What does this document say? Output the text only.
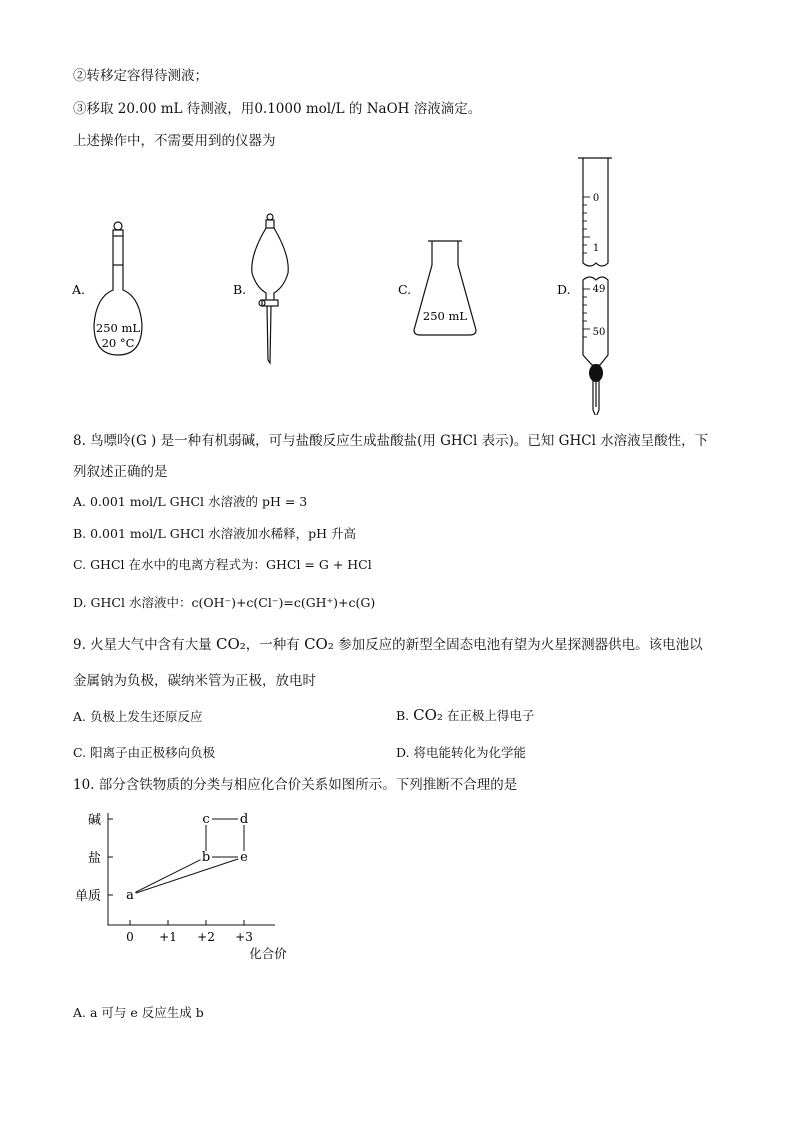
②转移定容得待测液；
③移取 20.00 mL 待测液，用0.1000 mol/L 的 NaOH 溶液滴定。
上述操作中，不需要用到的仪器为
A.
250 mL
20 °C
B.	C.
250 mL
D.
0
1
49
50
8. 鸟嘌呤(G ) 是一种有机弱碱，可与盐酸反应生成盐酸盐(用 GHCl 表示)。已知 GHCl 水溶液呈酸性，下
列叙述正确的是
A. 0.001 mol/L GHCl 水溶液的 pH = 3
B. 0.001 mol/L GHCl 水溶液加水稀释，pH 升高
C. GHCl 在水中的电离方程式为：GHCl = G + HCl
D. GHCl 水溶液中：c(OH⁻)+c(Cl⁻)=c(GH⁺)+c(G)
9. 火星大气中含有大量 CO₂，一种有 CO₂ 参加反应的新型全固态电池有望为火星探测器供电。该电池以
金属钠为负极，碳纳米管为正极，放电时
A. 负极上发生还原反应	B. CO₂ 在正极上得电子
C. 阳离子由正极移向负极	D. 将电能转化为化学能
10. 部分含铁物质的分类与相应化合价关系如图所示。下列推断不合理的是
单质
盐
碱
0 +1 +2 +3
a
b e
c d
化合价
A. a 可与 e 反应生成 b
